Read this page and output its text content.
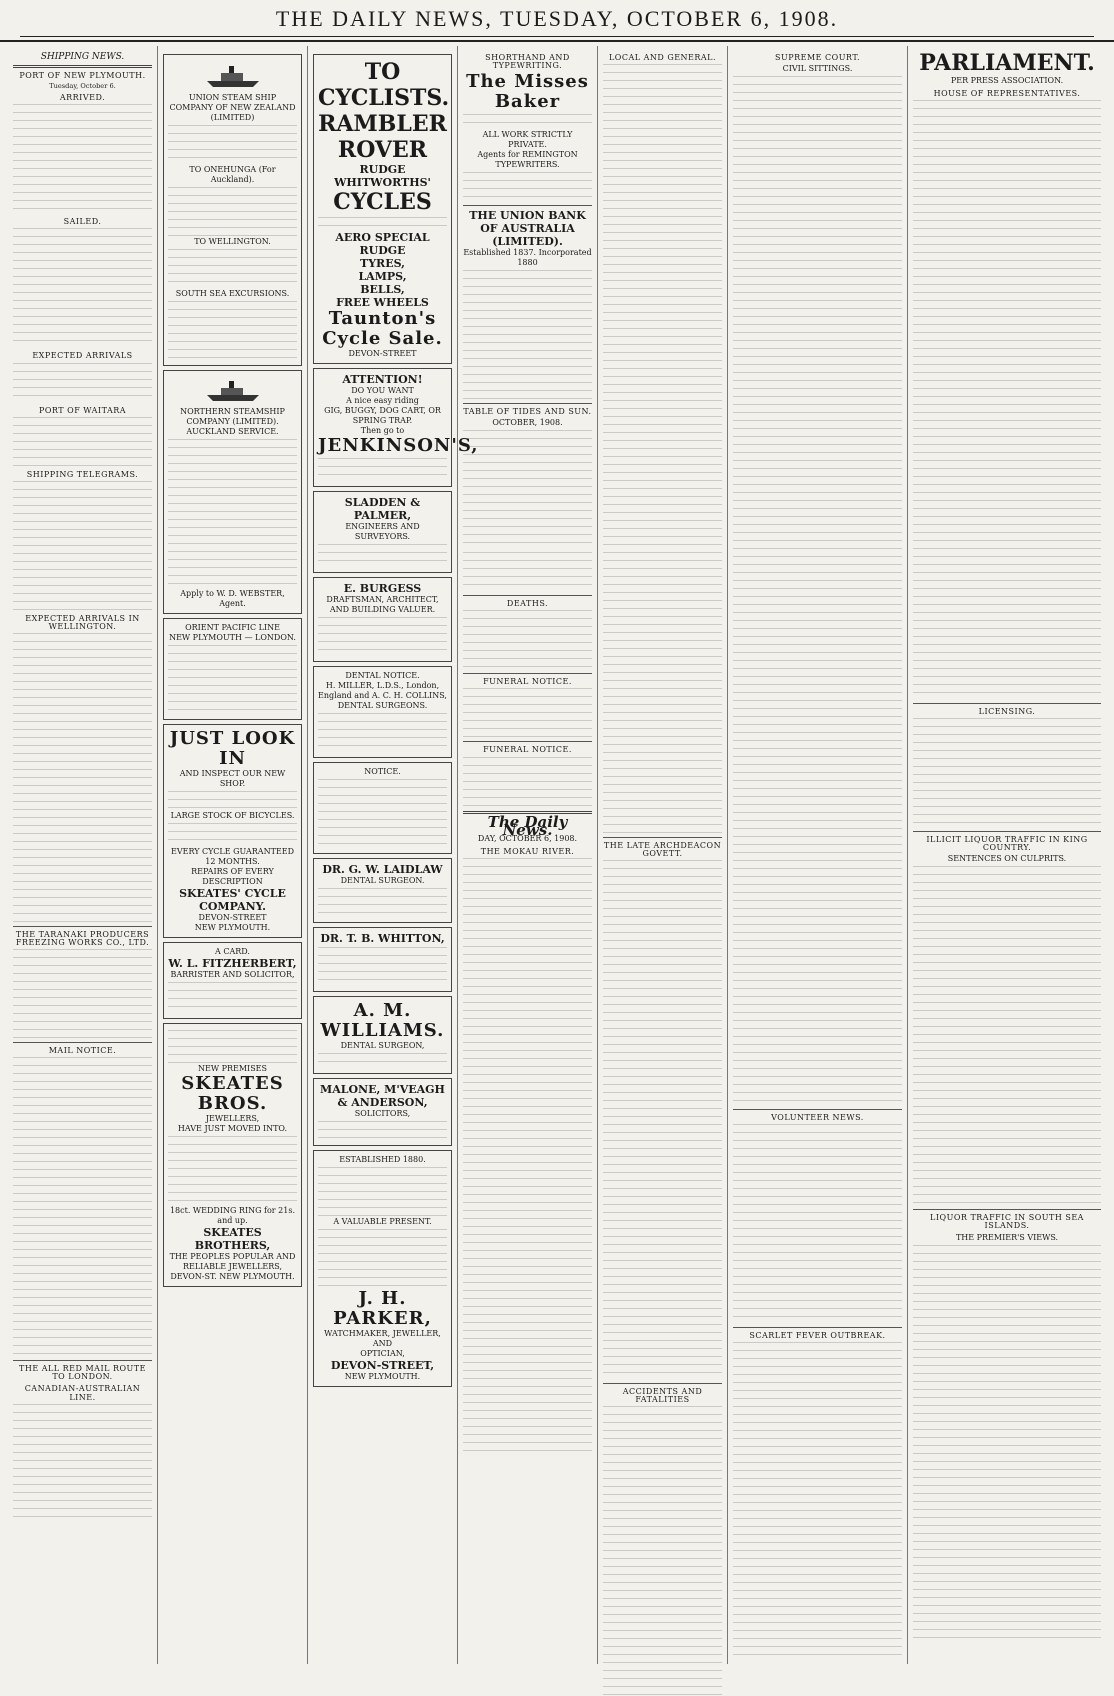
THE DAILY NEWS, TUESDAY, OCTOBER 6, 1908.
SHIPPING NEWS.
PORT OF NEW PLYMOUTH.
Tuesday, October 6.
ARRIVED.
SAILED.
EXPECTED ARRIVALS
PORT OF WAITARA
SHIPPING TELEGRAMS.
EXPECTED ARRIVALS IN WELLINGTON.
THE TARANAKI PRODUCERS FREEZING WORKS CO., LTD.
MAIL NOTICE.
THE ALL RED MAIL ROUTE TO LONDON.
CANADIAN-AUSTRALIAN LINE.
UNION STEAM SHIP COMPANY OF NEW ZEALAND (LIMITED)
TO ONEHUNGA (For Auckland).
TO WELLINGTON.
SOUTH SEA EXCURSIONS.
NORTHERN STEAMSHIP COMPANY (LIMITED).
AUCKLAND SERVICE.
Apply to W. D. WEBSTER, Agent.
ORIENT PACIFIC LINE
NEW PLYMOUTH — LONDON.
JUST LOOK IN
AND INSPECT OUR NEW SHOP.
LARGE STOCK OF BICYCLES.
EVERY CYCLE GUARANTEED 12 MONTHS.
REPAIRS OF EVERY DESCRIPTION
SKEATES' CYCLE COMPANY.
DEVON-STREET
NEW PLYMOUTH.
A CARD.
W. L. FITZHERBERT,
BARRISTER AND SOLICITOR,
NEW PREMISES
SKEATES BROS.
JEWELLERS,
HAVE JUST MOVED INTO.
18ct. WEDDING RING for 21s. and up.
SKEATES BROTHERS,
THE PEOPLES POPULAR AND RELIABLE JEWELLERS,
DEVON-ST. NEW PLYMOUTH.
TO CYCLISTS.
RAMBLER
ROVER
RUDGE WHITWORTHS'
CYCLES
AERO SPECIAL RUDGE
TYRES,
LAMPS,
BELLS,
FREE WHEELS
Taunton's Cycle Sale.
DEVON-STREET
ATTENTION!
DO YOU WANT
A nice easy riding
GIG, BUGGY, DOG CART, OR SPRING TRAP.
Then go to
JENKINSON'S,
SLADDEN & PALMER,
ENGINEERS AND SURVEYORS.
E. BURGESS
DRAFTSMAN, ARCHITECT, AND BUILDING VALUER.
DENTAL NOTICE.
H. MILLER, L.D.S., London, England and A. C. H. COLLINS,
DENTAL SURGEONS.
NOTICE.
DR. G. W. LAIDLAW
DENTAL SURGEON.
DR. T. B. WHITTON,
A. M. WILLIAMS.
DENTAL SURGEON,
MALONE, M'VEAGH & ANDERSON,
SOLICITORS,
ESTABLISHED 1880.
A VALUABLE PRESENT.
J. H. PARKER,
WATCHMAKER, JEWELLER,
AND
OPTICIAN,
DEVON-STREET,
NEW PLYMOUTH.
SHORTHAND AND TYPEWRITING.
The Misses Baker
ALL WORK STRICTLY PRIVATE.
Agents for REMINGTON TYPEWRITERS.
THE UNION BANK OF AUSTRALIA (LIMITED).
Established 1837. Incorporated 1880
TABLE OF TIDES AND SUN.
OCTOBER, 1908.
DEATHS.
FUNERAL NOTICE.
FUNERAL NOTICE.
The Daily News.
DAY, OCTOBER 6, 1908.
THE MOKAU RIVER.
LOCAL AND GENERAL.
THE LATE ARCHDEACON GOVETT.
ACCIDENTS AND FATALITIES
SUPREME COURT.
CIVIL SITTINGS.
VOLUNTEER NEWS.
SCARLET FEVER OUTBREAK.
PARLIAMENT.
PER PRESS ASSOCIATION.
HOUSE OF REPRESENTATIVES.
LICENSING.
ILLICIT LIQUOR TRAFFIC IN KING COUNTRY.
SENTENCES ON CULPRITS.
LIQUOR TRAFFIC IN SOUTH SEA ISLANDS.
THE PREMIER'S VIEWS.
